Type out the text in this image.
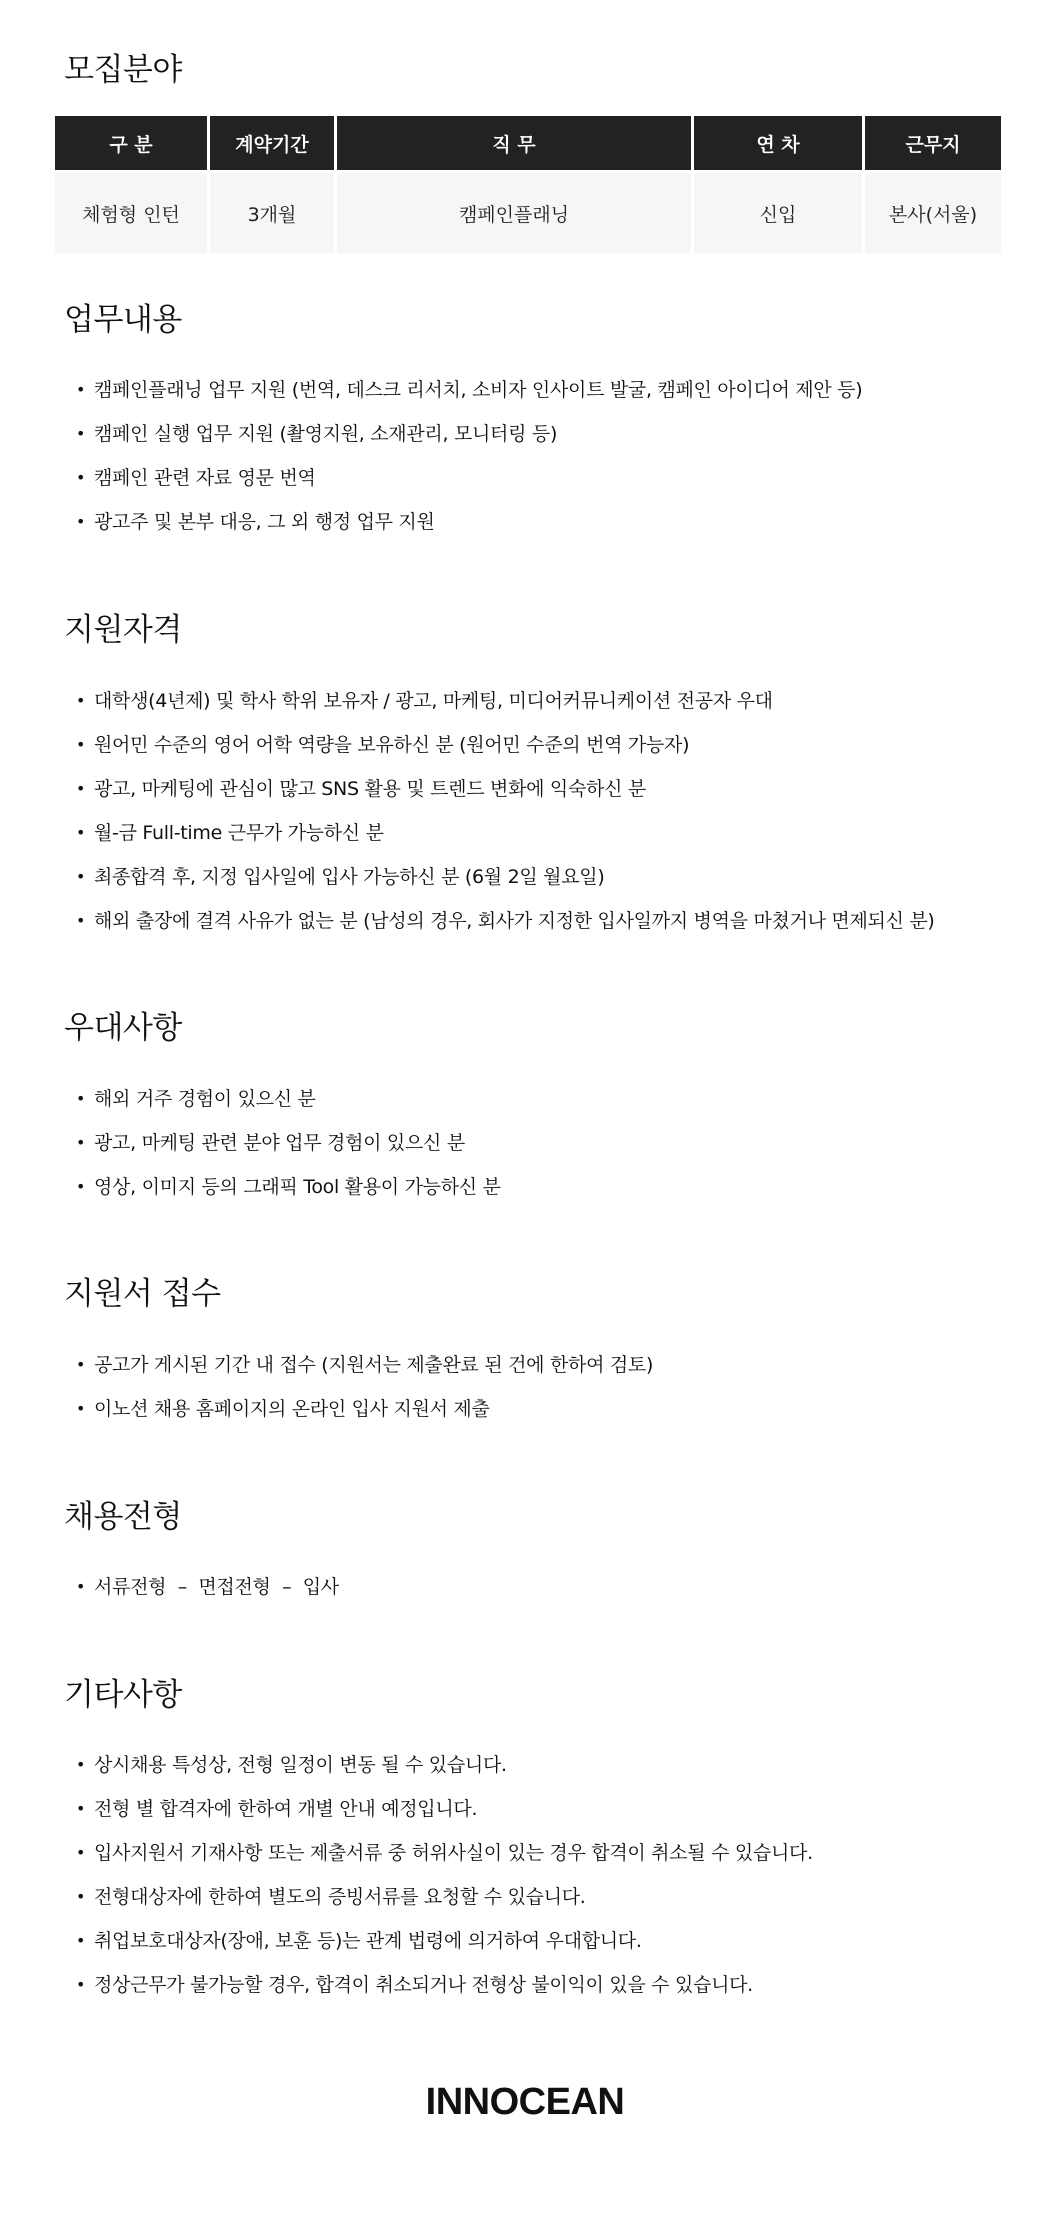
모집분야
구 분	계약기간	직 무	연 차	근무지
체험형 인턴	3개월	캠페인플래닝	신입	본사(서울)
업무내용
• 캠페인플래닝 업무 지원 (번역, 데스크 리서치, 소비자 인사이트 발굴, 캠페인 아이디어 제안 등)
• 캠페인 실행 업무 지원 (촬영지원, 소재관리, 모니터링 등)
• 캠페인 관련 자료 영문 번역
• 광고주 및 본부 대응, 그 외 행정 업무 지원
지원자격
• 대학생(4년제) 및 학사 학위 보유자 / 광고, 마케팅, 미디어커뮤니케이션 전공자 우대
• 원어민 수준의 영어 어학 역량을 보유하신 분 (원어민 수준의 번역 가능자)
• 광고, 마케팅에 관심이 많고 SNS 활용 및 트렌드 변화에 익숙하신 분
• 월-금 Full-time 근무가 가능하신 분
• 최종합격 후, 지정 입사일에 입사 가능하신 분 (6월 2일 월요일)
• 해외 출장에 결격 사유가 없는 분 (남성의 경우, 회사가 지정한 입사일까지 병역을 마쳤거나 면제되신 분)
우대사항
• 해외 거주 경험이 있으신 분
• 광고, 마케팅 관련 분야 업무 경험이 있으신 분
• 영상, 이미지 등의 그래픽 Tool 활용이 가능하신 분
지원서 접수
• 공고가 게시된 기간 내 접수 (지원서는 제출완료 된 건에 한하여 검토)
• 이노션 채용 홈페이지의 온라인 입사 지원서 제출
채용전형
• 서류전형  –  면접전형  –  입사
기타사항
• 상시채용 특성상, 전형 일정이 변동 될 수 있습니다.
• 전형 별 합격자에 한하여 개별 안내 예정입니다.
• 입사지원서 기재사항 또는 제출서류 중 허위사실이 있는 경우 합격이 취소될 수 있습니다.
• 전형대상자에 한하여 별도의 증빙서류를 요청할 수 있습니다.
• 취업보호대상자(장애, 보훈 등)는 관계 법령에 의거하여 우대합니다.
• 정상근무가 불가능할 경우, 합격이 취소되거나 전형상 불이익이 있을 수 있습니다.
INNOCEAN
